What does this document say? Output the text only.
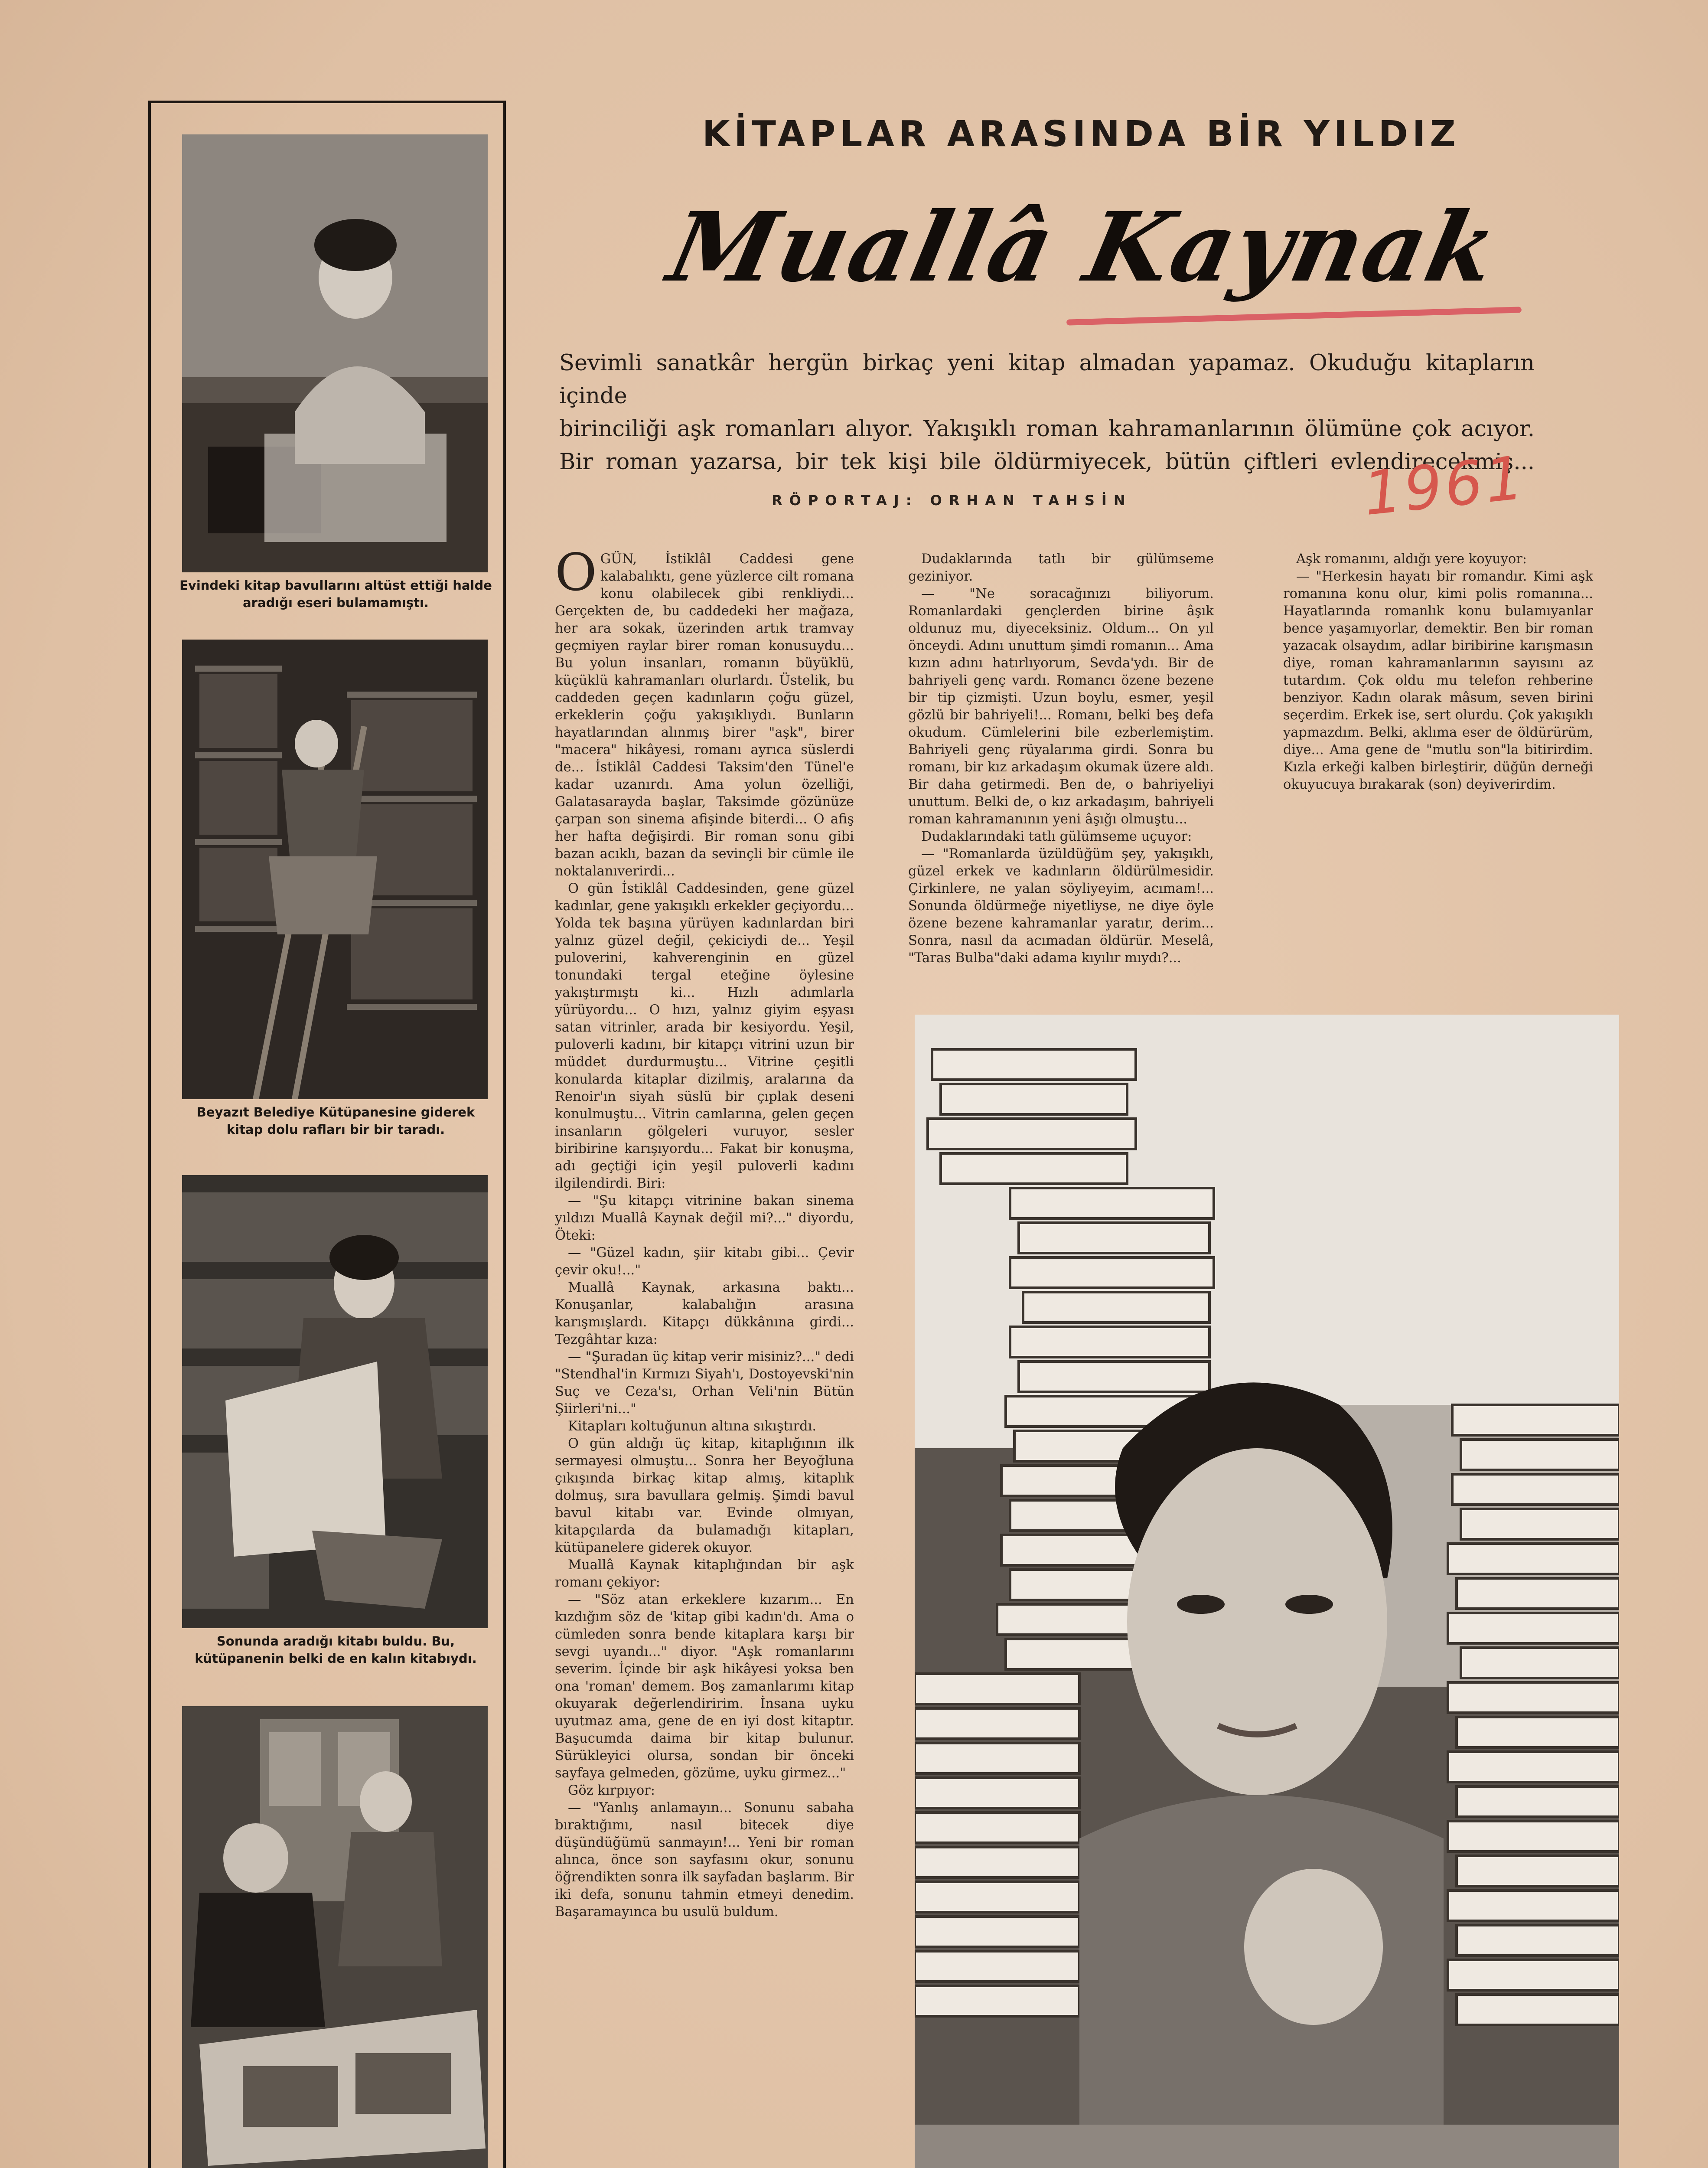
Evindeki kitap bavullarını altüst ettiği halde aradığı eseri bulamamıştı.
Beyazıt Belediye Kütüpanesine giderek kitap dolu rafları bir bir taradı.
Sonunda aradığı kitabı buldu. Bu, kütüpanenin belki de en kalın kitabıydı.
KİTAPLAR ARASINDA BİR YILDIZ
Muallâ Kaynak
Sevimli sanatkâr hergün birkaç yeni kitap almadan yapamaz. Okuduğu kitapların içinde
birinciliği aşk romanları alıyor. Yakışıklı roman kahramanlarının ölümüne çok acıyor.
Bir roman yazarsa, bir tek kişi bile öldürmiyecek, bütün çiftleri evlendirecekmiş...
RÖPORTAJ: ORHAN TAHSİN	1961

OGÜN, İstiklâl Caddesi gene kalabalıktı, gene yüzlerce cilt romana konu olabilecek gibi renkliydi... Gerçekten de, bu caddedeki her mağaza, her ara sokak, üzerinden artık tramvay geçmiyen raylar birer roman konusuydu... Bu yolun insanları, romanın büyüklü, küçüklü kahramanları olurlardı. Üstelik, bu caddeden geçen kadınların çoğu güzel, erkeklerin çoğu yakışıklıydı. Bunların hayatlarından alınmış birer "aşk", birer "macera" hikâyesi, romanı ayrıca süslerdi de... İstiklâl Caddesi Taksim'den Tünel'e kadar uzanırdı. Ama yolun özelliği, Galatasarayda başlar, Taksimde gözünüze çarpan son sinema afişinde biterdi... O afiş her hafta değişirdi. Bir roman sonu gibi bazan acıklı, bazan da sevinçli bir cümle ile noktalanıverirdi...

O gün İstiklâl Caddesinden, gene güzel kadınlar, gene yakışıklı erkekler geçiyordu... Yolda tek başına yürüyen kadınlardan biri yalnız güzel değil, çekiciydi de... Yeşil puloverini, kahverenginin en güzel tonundaki tergal eteğine öylesine yakıştırmıştı ki... Hızlı adımlarla yürüyordu... O hızı, yalnız giyim eşyası satan vitrinler, arada bir kesiyordu. Yeşil, puloverli kadını, bir kitapçı vitrini uzun bir müddet durdurmuştu... Vitrine çeşitli konularda kitaplar dizilmiş, aralarına da Renoir'ın siyah süslü bir çıplak deseni konulmuştu... Vitrin camlarına, gelen geçen insanların gölgeleri vuruyor, sesler biribirine karışıyordu... Fakat bir konuşma, adı geçtiği için yeşil puloverli kadını ilgilendirdi. Biri:

— "Şu kitapçı vitrinine bakan sinema yıldızı Muallâ Kaynak değil mi?..." diyordu, Öteki:

— "Güzel kadın, şiir kitabı gibi... Çevir çevir oku!..."

Muallâ Kaynak, arkasına baktı... Konuşanlar, kalabalığın arasına karışmışlardı. Kitapçı dükkânına girdi... Tezgâhtar kıza:

— "Şuradan üç kitap verir misiniz?..." dedi "Stendhal'in Kırmızı Siyah'ı, Dostoyevski'nin Suç ve Ceza'sı, Orhan Veli'nin Bütün Şiirleri'ni..."

Kitapları koltuğunun altına sıkıştırdı.

O gün aldığı üç kitap, kitaplığının ilk sermayesi olmuştu... Sonra her Beyoğluna çıkışında birkaç kitap almış, kitaplık dolmuş, sıra bavullara gelmiş. Şimdi bavul bavul kitabı var. Evinde olmıyan, kitapçılarda da bulamadığı kitapları, kütüpanelere giderek okuyor.

Muallâ Kaynak kitaplığından bir aşk romanı çekiyor:

— "Söz atan erkeklere kızarım... En kızdığım söz de 'kitap gibi kadın'dı. Ama o cümleden sonra bende kitaplara karşı bir sevgi uyandı..." diyor. "Aşk romanlarını severim. İçinde bir aşk hikâyesi yoksa ben ona 'roman' demem. Boş zamanlarımı kitap okuyarak değerlendiririm. İnsana uyku uyutmaz ama, gene de en iyi dost kitaptır. Başucumda daima bir kitap bulunur. Sürükleyici olursa, sondan bir önceki sayfaya gelmeden, gözüme, uyku girmez..."

Göz kırpıyor:

— "Yanlış anlamayın... Sonunu sabaha bıraktığımı, nasıl bitecek diye düşündüğümü sanmayın!... Yeni bir roman alınca, önce son sayfasını okur, sonunu öğrendikten sonra ilk sayfadan başlarım. Bir iki defa, sonunu tahmin etmeyi denedim. Başaramayınca bu usulü buldum.

Dudaklarında tatlı bir gülümseme geziniyor.

— "Ne soracağınızı biliyorum. Romanlardaki gençlerden birine âşık oldunuz mu, diyeceksiniz. Oldum... On yıl önceydi. Adını unuttum şimdi romanın... Ama kızın adını hatırlıyorum, Sevda'ydı. Bir de bahriyeli genç vardı. Romancı özene bezene bir tip çizmişti. Uzun boylu, esmer, yeşil gözlü bir bahriyeli!... Romanı, belki beş defa okudum. Cümlelerini bile ezberlemiştim. Bahriyeli genç rüyalarıma girdi. Sonra bu romanı, bir kız arkadaşım okumak üzere aldı. Bir daha getirmedi. Ben de, o bahriyeliyi unuttum. Belki de, o kız arkadaşım, bahriyeli roman kahramanının yeni âşığı olmuştu...

Dudaklarındaki tatlı gülümseme uçuyor:

— "Romanlarda üzüldüğüm şey, yakışıklı, güzel erkek ve kadınların öldürülmesidir. Çirkinlere, ne yalan söyliyeyim, acımam!... Sonunda öldürmeğe niyetliyse, ne diye öyle özene bezene kahramanlar yaratır, derim... Sonra, nasıl da acımadan öldürür. Meselâ, "Taras Bulba"daki adama kıyılır mıydı?...

Aşk romanını, aldığı yere koyuyor:

— "Herkesin hayatı bir romandır. Kimi aşk romanına konu olur, kimi polis romanına... Hayatlarında romanlık konu bulamıyanlar bence yaşamıyorlar, demektir. Ben bir roman yazacak olsaydım, adlar biribirine karışmasın diye, roman kahramanlarının sayısını az tutardım. Çok oldu mu telefon rehberine benziyor. Kadın olarak mâsum, seven birini seçerdim. Erkek ise, sert olurdu. Çok yakışıklı yapmazdım. Belki, aklıma eser de öldürürüm, diye... Ama gene de "mutlu son"la bitirirdim. Kızla erkeği kalben birleştirir, düğün derneği okuyucuya bırakarak (son) deyiverirdim.
